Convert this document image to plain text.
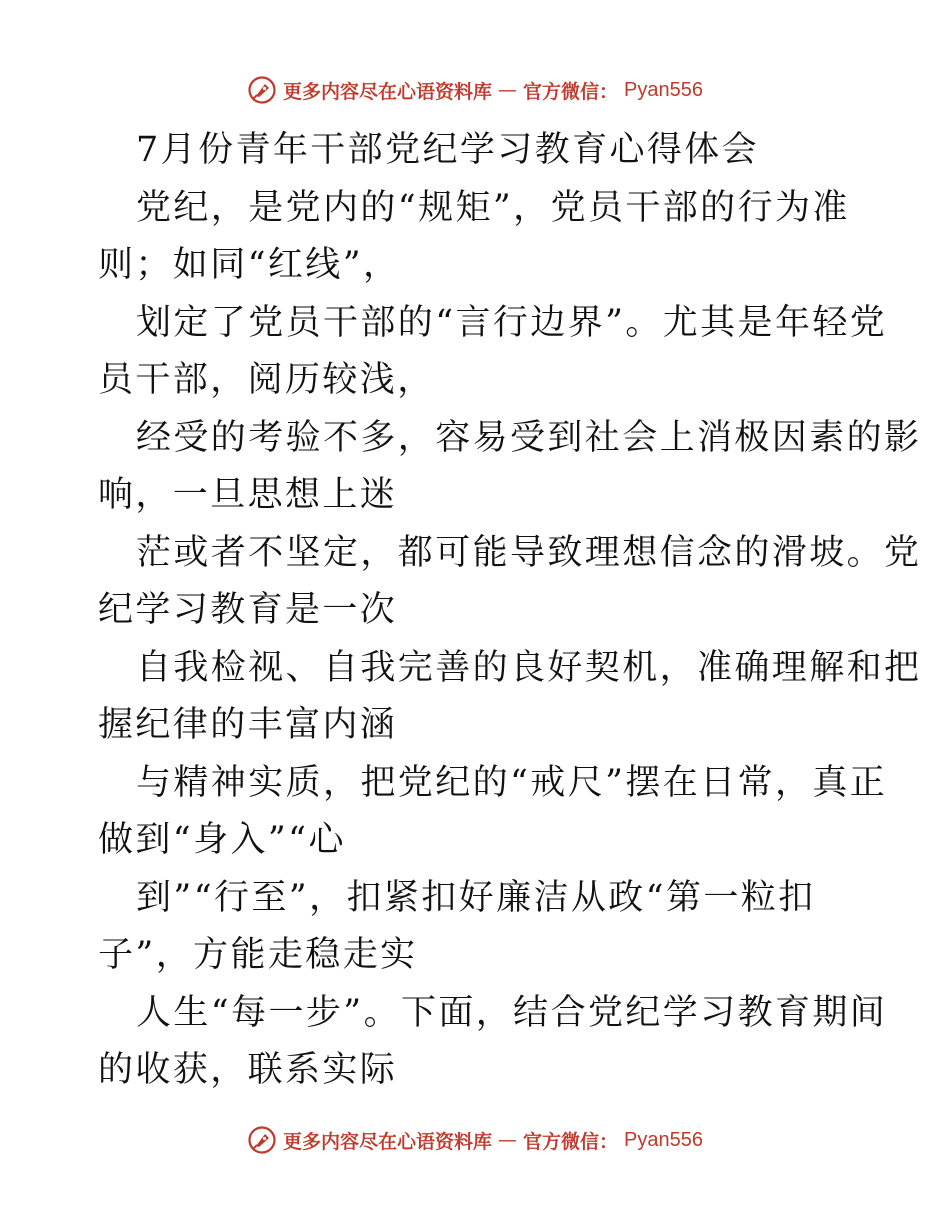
更多内容尽在心语资料库 — 官方微信： Pyan556
7月份青年干部党纪学习教育心得体会
党纪，是党内的“规矩”，党员干部的行为准
则；如同“红线”，
划定了党员干部的“言行边界”。尤其是年轻党
员干部，阅历较浅，
经受的考验不多，容易受到社会上消极因素的影
响，一旦思想上迷
茫或者不坚定，都可能导致理想信念的滑坡。党
纪学习教育是一次
自我检视、自我完善的良好契机，准确理解和把
握纪律的丰富内涵
与精神实质，把党纪的“戒尺”摆在日常，真正
做到“身入”“心
到”“行至”，扣紧扣好廉洁从政“第一粒扣
子”，方能走稳走实
人生“每一步”。下面，结合党纪学习教育期间
的收获，联系实际
更多内容尽在心语资料库 — 官方微信： Pyan556
